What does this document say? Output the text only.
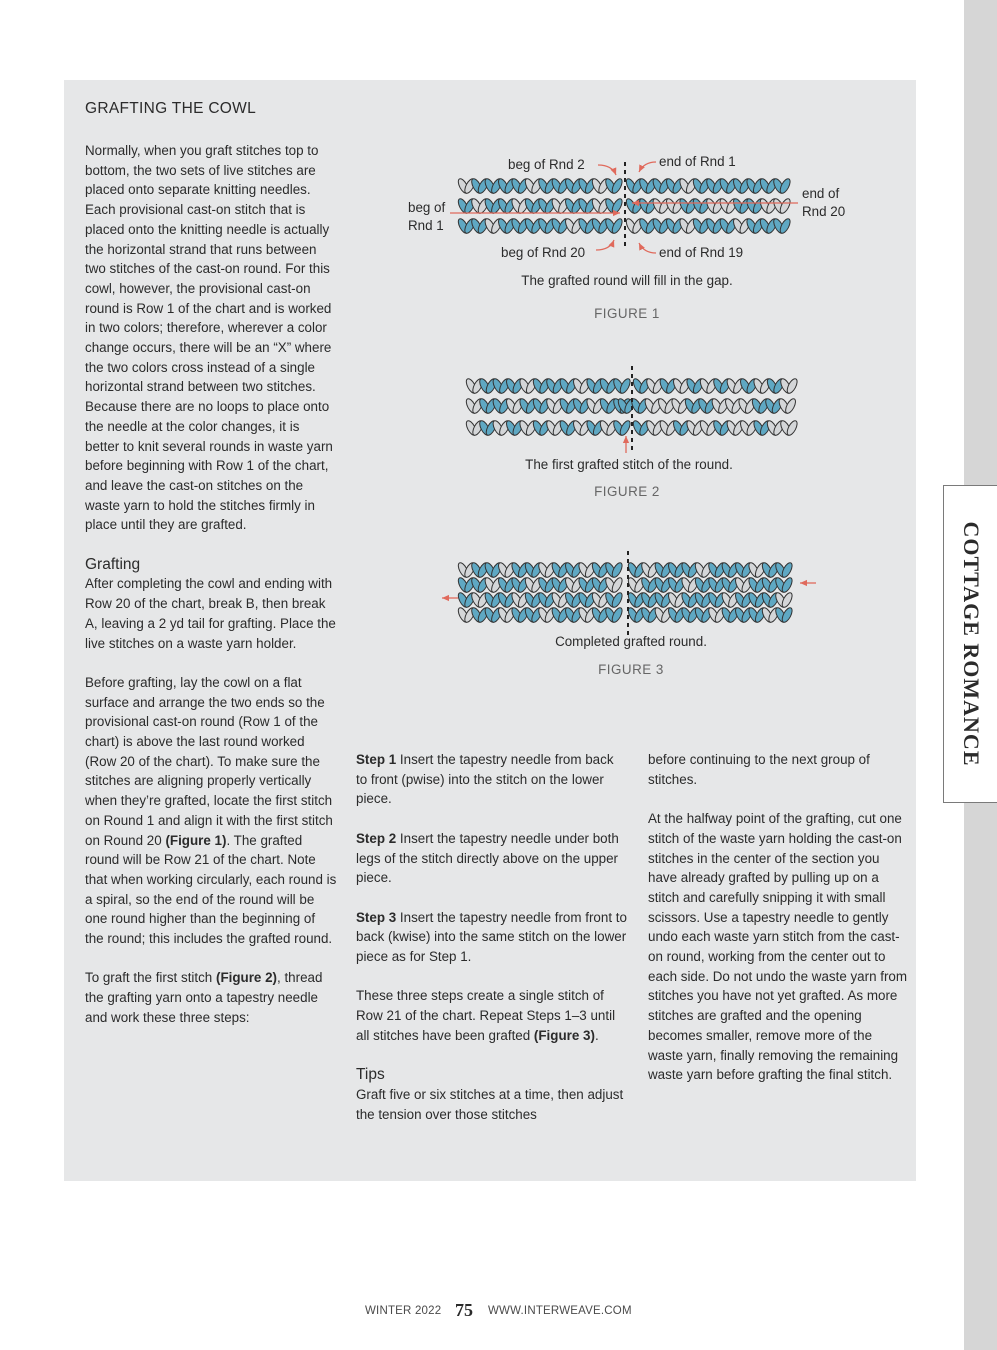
COTTAGE ROMANCE
GRAFTING THE COWL

Normally, when you graft stitches top to bottom, the two sets of live stitches are placed onto separate knitting needles. Each provisional cast-on stitch that is placed onto the knitting needle is actually the horizontal strand that runs between two stitches of the cast-on round. For this cowl, however, the provisional cast-on round is Row 1 of the chart and is worked in two colors; therefore, wherever a color change occurs, there will be an “X” where the two colors cross instead of a single horizontal strand between two stitches. Because there are no loops to place onto the needle at the color changes, it is better to knit several rounds in waste yarn before beginning with Row 1 of the chart, and leave the cast-on stitches on the waste yarn to hold the stitches firmly in place until they are grafted.

Grafting

After completing the cowl and ending with Row 20 of the chart, break B, then break A, leaving a 2 yd tail for grafting. Place the live stitches on a waste yarn holder.

Before grafting, lay the cowl on a flat surface and arrange the two ends so the provisional cast-on round (Row 1 of the chart) is above the last round worked (Row 20 of the chart). To make sure the stitches are aligning properly vertically when they’re grafted, locate the first stitch on Round 1 and align it with the first stitch on Round 20 (Figure 1). The grafted round will be Row 21 of the chart. Note that when working circularly, each round is a spiral, so the end of the round will be one round higher than the beginning of the round; this includes the grafted round.

To graft the first stitch (Figure 2), thread the grafting yarn onto a tapestry needle and work these three steps:

Step 1 Insert the tapestry needle from back to front (pwise) into the stitch on the lower piece.

Step 2 Insert the tapestry needle under both legs of the stitch directly above on the upper piece.

Step 3 Insert the tapestry needle from front to back (kwise) into the same stitch on the lower piece as for Step 1.

These three steps create a single stitch of Row 21 of the chart. Repeat Steps 1–3 until all stitches have been grafted (Figure 3).

Tips

Graft five or six stitches at a time, then adjust the tension over those stitches

before continuing to the next group of stitches.

At the halfway point of the grafting, cut one stitch of the waste yarn holding the cast-on stitches in the center of the section you have already grafted by pulling up on a stitch and carefully snipping it with small scissors. Use a tapestry needle to gently undo each waste yarn stitch from the cast-on round, working from the center out to each side. Do not undo the waste yarn from stitches you have not yet grafted. As more stitches are grafted and the opening becomes smaller, remove more of the waste yarn, finally removing the remaining waste yarn before grafting the final stitch.

beg of Rnd 2	end of Rnd 1
beg of
Rnd 1
end of
Rnd 20
beg of Rnd 20	end of Rnd 19
The grafted round will fill in the gap.
FIGURE 1
The first grafted stitch of the round.
FIGURE 2
Completed grafted round.
FIGURE 3
WINTER 2022 75 WWW.INTERWEAVE.COM
